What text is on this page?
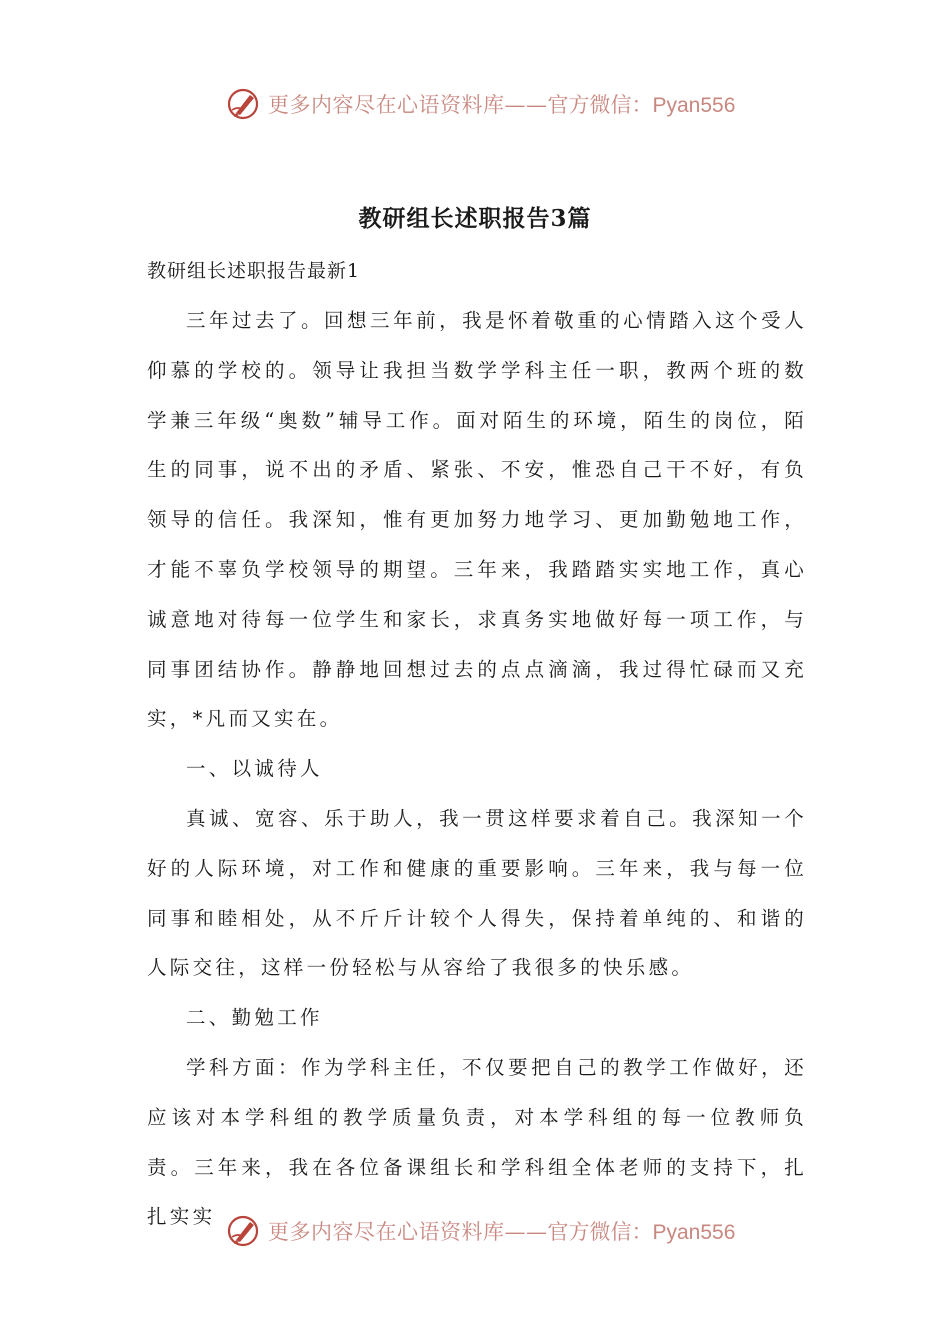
更多内容尽在心语资料库—— 官方微信：Pyan556
教研组长述职报告3篇

教研组长述职报告最新1

三年过去了。回想三年前，我是怀着敬重的心情踏入这个受人仰慕的学校的。领导让我担当数学学科主任一职，教两个班的数学兼三年级“奥数”辅导工作。面对陌生的环境，陌生的岗位，陌生的同事，说不出的矛盾、紧张、不安，惟恐自己干不好，有负领导的信任。我深知，惟有更加努力地学习、更加勤勉地工作，才能不辜负学校领导的期望。三年来，我踏踏实实地工作，真心诚意地对待每一位学生和家长，求真务实地做好每一项工作，与同事团结协作。静静地回想过去的点点滴滴，我过得忙碌而又充实，*凡而又实在。

一、以诚待人

真诚、宽容、乐于助人，我一贯这样要求着自己。我深知一个好的人际环境，对工作和健康的重要影响。三年来，我与每一位同事和睦相处，从不斤斤计较个人得失，保持着单纯的、和谐的人际交往，这样一份轻松与从容给了我很多的快乐感。

二、勤勉工作

学科方面：作为学科主任，不仅要把自己的教学工作做好，还应该对本学科组的教学质量负责，对本学科组的每一位教师负责。三年来，我在各位备课组长和学科组全体老师的支持下，扎扎实实

更多内容尽在心语资料库—— 官方微信：Pyan556
